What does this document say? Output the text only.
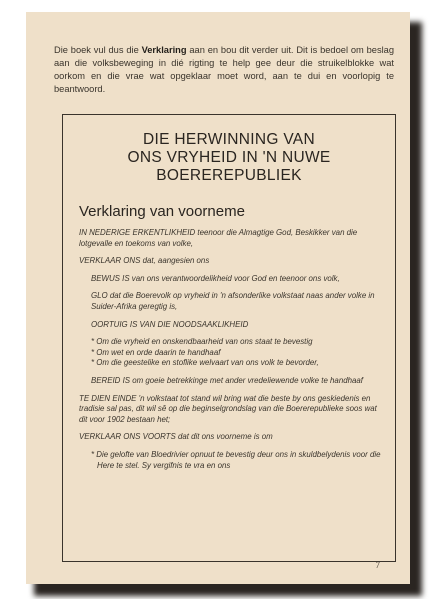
Die boek vul dus die Verklaring aan en bou dit verder uit. Dit is bedoel om beslag aan die volksbeweging in dié rigting te help gee deur die struikelblokke wat oorkom en die vrae wat opgeklaar moet word, aan te dui en voorlopig te beantwoord.
DIE HERWINNING VAN
ONS VRYHEID IN 'N NUWE
BOEREREPUBLIEK
Verklaring van voorneme

IN NEDERIGE ERKENTLIKHEID teenoor die Almagtige God, Beskikker van die lotgevalle en toekoms van volke,

VERKLAAR ONS dat, aangesien ons

BEWUS IS van ons verantwoordelikheid voor God en teenoor ons volk,

GLO dat die Boerevolk op vryheid in 'n afsonderlike volkstaat naas ander volke in Suider-Afrika geregtig is,

OORTUIG IS VAN DIE NOODSAAKLIKHEID

* Om die vryheid en onskendbaarheid van ons staat te bevestig

* Om wet en orde daarin te handhaaf

* Om die geestelike en stoflike welvaart van ons volk te bevorder,

BEREID IS om goeie betrekkinge met ander vredeliewende volke te handhaaf

TE DIEN EINDE 'n volkstaat tot stand wil bring wat die beste by ons geskiedenis en tradisie sal pas, dit wil sê op die beginselgrondslag van die Boererepublieke soos wat dit voor 1902 bestaan het;

VERKLAAR ONS VOORTS dat dit ons voorneme is om

* Die gelofte van Bloedrivier opnuut te bevestig deur ons in skuldbelydenis voor die Here te stel. Sy vergifnis te vra en ons

7
